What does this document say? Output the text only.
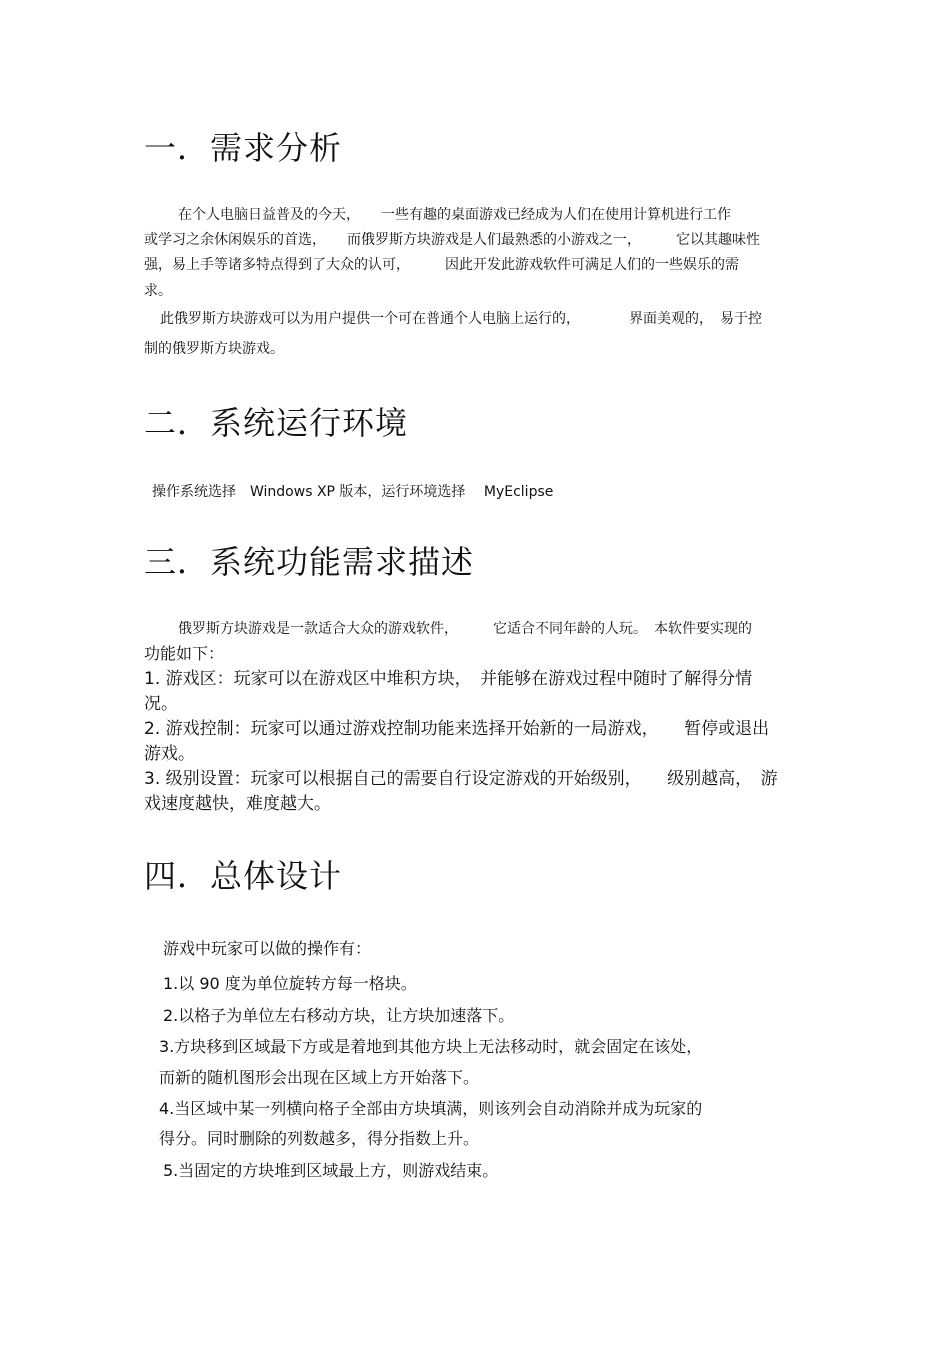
一．需求分析

在个人电脑日益普及的今天，　　一些有趣的桌面游戏已经成为人们在使用计算机进行工作

或学习之余休闲娱乐的首选，　　而俄罗斯方块游戏是人们最熟悉的小游戏之一，　　　它以其趣味性

强，易上手等诸多特点得到了大众的认可，　　　因此开发此游戏软件可满足人们的一些娱乐的需

求。

此俄罗斯方块游戏可以为用户提供一个可在普通个人电脑上运行的，　　　　界面美观的，　易于控

制的俄罗斯方块游戏。

二．系统运行环境

操作系统选择　Windows XP 版本，运行环境选择　 MyEclipse

三．系统功能需求描述

俄罗斯方块游戏是一款适合大众的游戏软件，　　　它适合不同年龄的人玩。　本软件要实现的

功能如下：

1. 游戏区：玩家可以在游戏区中堆积方块，　并能够在游戏过程中随时了解得分情

况。

2. 游戏控制：玩家可以通过游戏控制功能来选择开始新的一局游戏，　　暂停或退出

游戏。

3. 级别设置：玩家可以根据自己的需要自行设定游戏的开始级别，　　级别越高，　游

戏速度越快，难度越大。

四．总体设计

游戏中玩家可以做的操作有：

1.以 90 度为单位旋转方每一格块。

2.以格子为单位左右移动方块，让方块加速落下。

3.方块移到区域最下方或是着地到其他方块上无法移动时，就会固定在该处，

而新的随机图形会出现在区域上方开始落下。

4.当区域中某一列横向格子全部由方块填满，则该列会自动消除并成为玩家的

得分。同时删除的列数越多，得分指数上升。

5.当固定的方块堆到区域最上方，则游戏结束。
